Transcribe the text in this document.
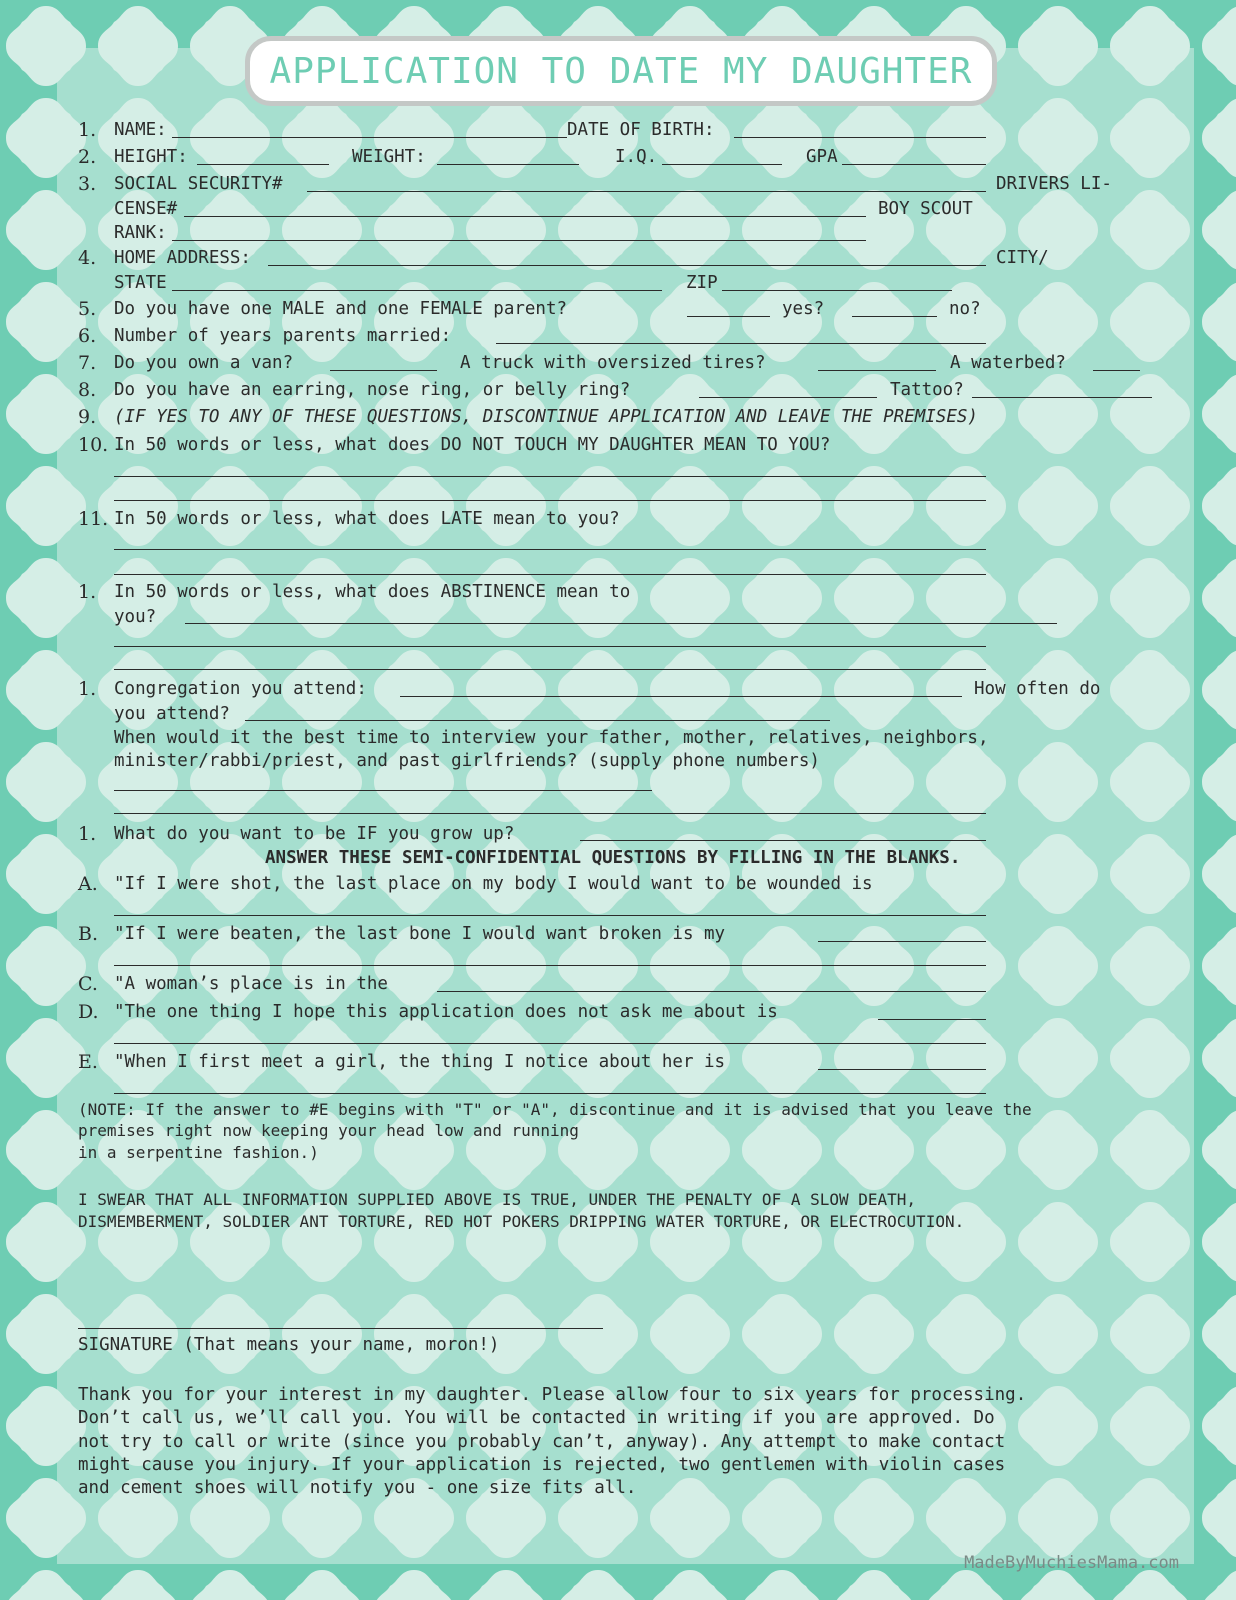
APPLICATION TO DATE MY DAUGHTER
1. NAME:	DATE OF BIRTH:
2. HEIGHT:	WEIGHT:	I.Q.	GPA
3. SOCIAL SECURITY#	DRIVERS LI-
CENSE#	BOY SCOUT
RANK:
4. HOME ADDRESS:	CITY/
STATE	ZIP
5. Do you have one MALE and one FEMALE parent?	yes?	no?
6. Number of years parents married:
7. Do you own a van?	A truck with oversized tires?	A waterbed?
8. Do you have an earring, nose ring, or belly ring?	Tattoo?
9. (IF YES TO ANY OF THESE QUESTIONS, DISCONTINUE APPLICATION AND LEAVE THE PREMISES)
10. In 50 words or less, what does DO NOT TOUCH MY DAUGHTER MEAN TO YOU?
11. In 50 words or less, what does LATE mean to you?
1. In 50 words or less, what does ABSTINENCE mean to
you?
1. Congregation you attend:	How often do
you attend?
When would it the best time to interview your father, mother, relatives, neighbors,
minister/rabbi/priest, and past girlfriends? (supply phone numbers)
1. What do you want to be IF you grow up?
ANSWER THESE SEMI-CONFIDENTIAL QUESTIONS BY FILLING IN THE BLANKS.
A. "If I were shot, the last place on my body I would want to be wounded is
B. "If I were beaten, the last bone I would want broken is my
C. "A woman’s place is in the
D. "The one thing I hope this application does not ask me about is
E. "When I first meet a girl, the thing I notice about her is
(NOTE: If the answer to #E begins with "T" or "A", discontinue and it is advised that you leave the
premises right now keeping your head low and running
in a serpentine fashion.)
I SWEAR THAT ALL INFORMATION SUPPLIED ABOVE IS TRUE, UNDER THE PENALTY OF A SLOW DEATH,
DISMEMBERMENT, SOLDIER ANT TORTURE, RED HOT POKERS DRIPPING WATER TORTURE, OR ELECTROCUTION.
SIGNATURE (That means your name, moron!)
Thank you for your interest in my daughter. Please allow four to six years for processing.
Don’t call us, we’ll call you. You will be contacted in writing if you are approved. Do
not try to call or write (since you probably can’t, anyway). Any attempt to make contact
might cause you injury. If your application is rejected, two gentlemen with violin cases
and cement shoes will notify you - one size fits all.
MadeByMuchiesMama.com
